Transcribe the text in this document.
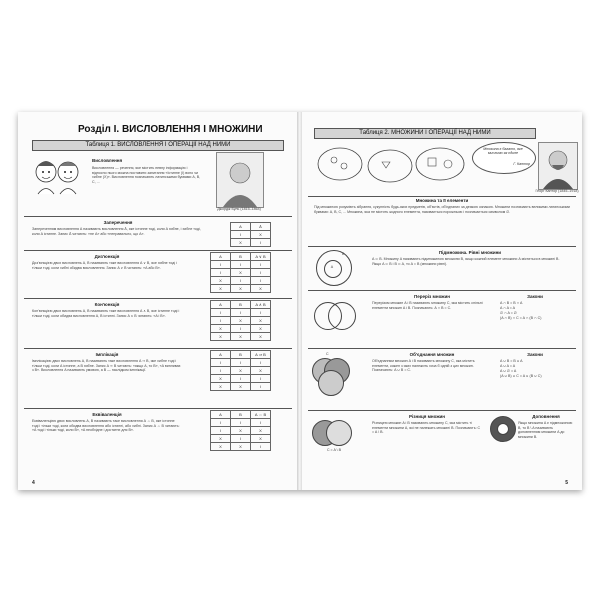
Розділ І. ВИСЛОВЛЕННЯ І МНОЖИНИ
Таблиця 1. ВИСЛОВЛЕННЯ І ОПЕРАЦІЇ НАД НИМИ
Висловлення
Висловлення — речення, яке містить певну інформацію і відносно нього можна поставити запитання «Істинне (І) воно чи хибне (Х)». Висловлення позначають латинськими буквами A, B, C, ...
Джордж Буль (1815–1864)
Заперечення
Запереченням висловлення A називають висловлення Ā, яке істинне тоді, коли A хибне, і хибне тоді, коли A істинне. Запис Ā читають: «не A» або «неправильно, що A».
A	Ā
I	X
X	I
Диз'юнкція
Диз'юнкцією двох висловлень A, B називають таке висловлення A ∨ B, яке хибне тоді і тільки тоді, коли хибні обидва висловлення. Запис A ∨ B читають: «A або B».
A	B	A ∨ B
I	I	I
I	X	I
X	I	I
X	X	X
Кон'юнкція
Кон'юнкцією двох висловлень A, B називають таке висловлення A ∧ B, яке істинне тоді і тільки тоді, коли обидва висловлення A, B істинні. Запис A ∧ B читають: «A і B».
A	B	A ∧ B
I	I	I
I	X	X
X	I	X
X	X	X
Імплікація
Імплікацією двох висловлень A, B називають таке висловлення A ⇒ B, яке хибне тоді і тільки тоді, коли A істинне, а B хибне. Запис A ⇒ B читають: «якщо A, то B», «A випливає з B». Висловлення A називають умовою, а B — наслідком імплікації.
A	B	A ⇒ B
I	I	I
I	X	X
X	I	I
X	X	I
Еквіваленція
Еквіваленцією двох висловлень A, B називають таке висловлення A ⇔ B, яке істинне тоді і тільки тоді, коли обидва висловлення або істинні, або хибні. Запис A ⇔ B читають: «A тоді і тільки тоді, коли B», «A необхідне і достатнє для B».
A	B	A ⇔ B
I	I	I
I	X	X
X	I	X
X	X	I
4
Таблиця 2. МНОЖИНИ І ОПЕРАЦІЇ НАД НИМИ
Множина є багато, яке мислимо як єдине
Г. Кантор
Георг Кантор (1845–1918)
Множина та її елементи
Під множиною розуміють зібрання, сукупність будь-яких предметів, об'єктів, об'єднаних за деякою ознакою. Множини позначають великими латинськими буквами: A, B, C, ... Множина, яка не містить жодного елемента, називається порожньою і позначається символом ∅.
A
B	Підмножина. Рівні множини
A ⊂ B. Множину A називають підмножиною множини B, якщо кожний елемент множини A міститься в множині B. Якщо A ⊂ B і B ⊂ A, то A = B (множини рівні).
Переріз множин
Перерізом множин A і B називають множину C, яка містить спільні елементи множин A і B. Позначають: A ∩ B = C.
Закони
A ∩ B = B ∩ A
A ∩ A = A
∅ ∩ A = ∅
(A ∩ B) ∩ C = A ∩ (B ∩ C)
C	Об'єднання множин
Об'єднанням множин A і B називають множину C, яка містить елементи, кожен з яких належить хоча б одній з цих множин. Позначають: A ∪ B = C.
Закони
A ∪ B = B ∪ A
A ∪ A = A
A ∪ ∅ = A
(A ∪ B) ∪ C = A ∪ (B ∪ C)
C = A \ B
Різниця множин
Різницею множин A і B називають множину C, яка містить ті елементи множини A, які не належать множині B. Позначають: C = A \ B.
Доповнення
Якщо множина A є підмножиною B, то B \ A називають доповненням множини A до множини B.
5
